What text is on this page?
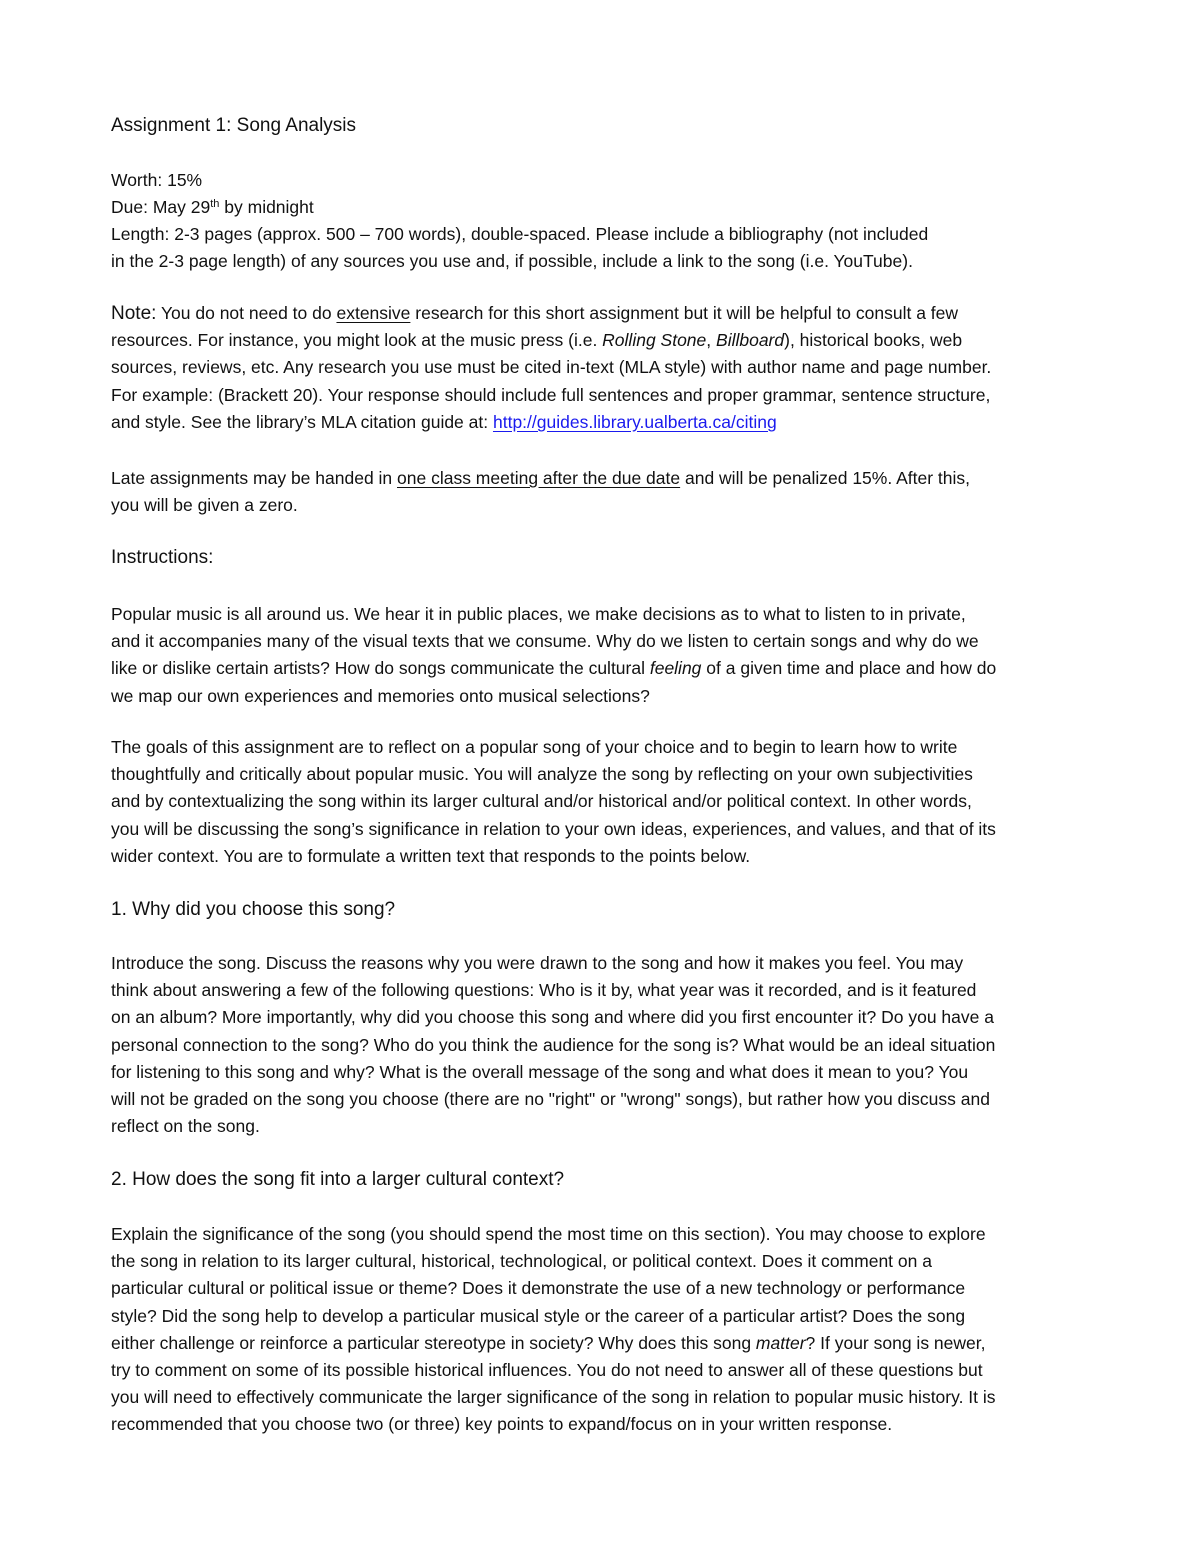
Assignment 1: Song Analysis
Worth: 15%
Due: May 29th by midnight
Length: 2-3 pages (approx. 500 – 700 words), double-spaced. Please include a bibliography (not included
in the 2-3 page length) of any sources you use and, if possible, include a link to the song (i.e. YouTube).
Note: You do not need to do extensive research for this short assignment but it will be helpful to consult a few
resources. For instance, you might look at the music press (i.e. Rolling Stone, Billboard), historical books, web
sources, reviews, etc. Any research you use must be cited in-text (MLA style) with author name and page number.
For example: (Brackett 20). Your response should include full sentences and proper grammar, sentence structure,
and style. See the library’s MLA citation guide at: http://guides.library.ualberta.ca/citing
Late assignments may be handed in one class meeting after the due date and will be penalized 15%. After this,
you will be given a zero.
Instructions:
Popular music is all around us. We hear it in public places, we make decisions as to what to listen to in private,
and it accompanies many of the visual texts that we consume. Why do we listen to certain songs and why do we
like or dislike certain artists? How do songs communicate the cultural feeling of a given time and place and how do
we map our own experiences and memories onto musical selections?
The goals of this assignment are to reflect on a popular song of your choice and to begin to learn how to write
thoughtfully and critically about popular music. You will analyze the song by reflecting on your own subjectivities
and by contextualizing the song within its larger cultural and/or historical and/or political context. In other words,
you will be discussing the song’s significance in relation to your own ideas, experiences, and values, and that of its
wider context. You are to formulate a written text that responds to the points below.
1. Why did you choose this song?
Introduce the song. Discuss the reasons why you were drawn to the song and how it makes you feel. You may
think about answering a few of the following questions: Who is it by, what year was it recorded, and is it featured
on an album? More importantly, why did you choose this song and where did you first encounter it? Do you have a
personal connection to the song? Who do you think the audience for the song is? What would be an ideal situation
for listening to this song and why? What is the overall message of the song and what does it mean to you? You
will not be graded on the song you choose (there are no "right" or "wrong" songs), but rather how you discuss and
reflect on the song.
2. How does the song fit into a larger cultural context?
Explain the significance of the song (you should spend the most time on this section). You may choose to explore
the song in relation to its larger cultural, historical, technological, or political context. Does it comment on a
particular cultural or political issue or theme? Does it demonstrate the use of a new technology or performance
style? Did the song help to develop a particular musical style or the career of a particular artist? Does the song
either challenge or reinforce a particular stereotype in society? Why does this song matter? If your song is newer,
try to comment on some of its possible historical influences. You do not need to answer all of these questions but
you will need to effectively communicate the larger significance of the song in relation to popular music history. It is
recommended that you choose two (or three) key points to expand/focus on in your written response.
